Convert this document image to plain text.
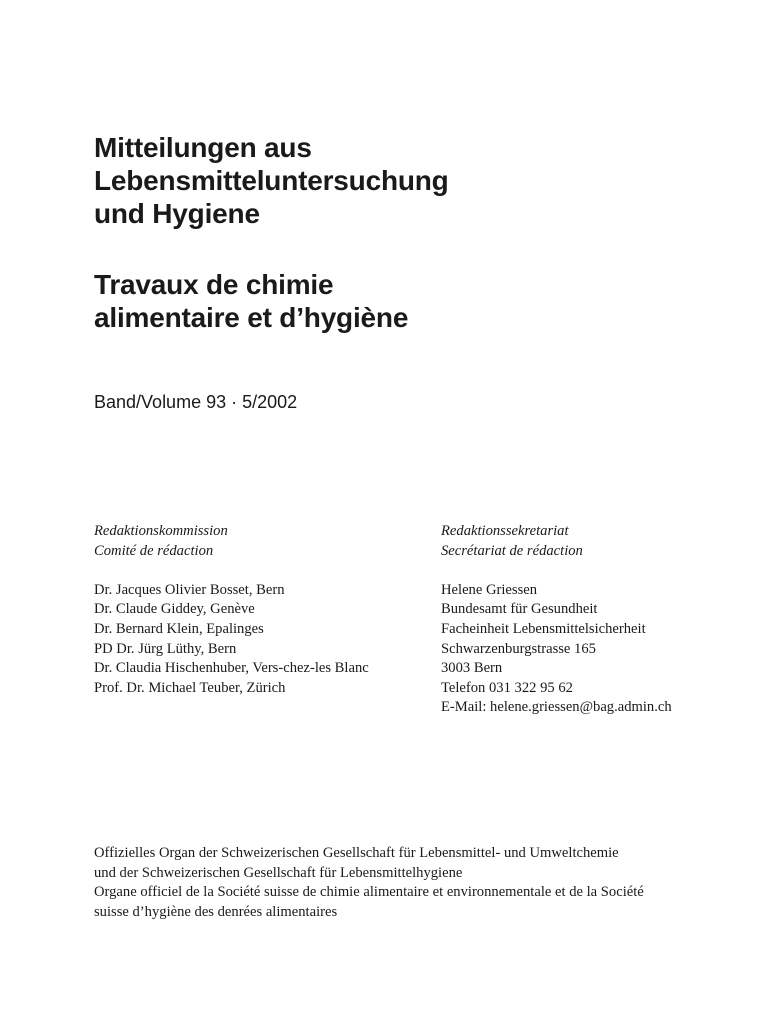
Mitteilungen aus
Lebensmitteluntersuchung
und Hygiene
Travaux de chimie
alimentaire et d’hygiène
Band/Volume 93 · 5/2002
Redaktionskommission
Comité de rédaction
Dr. Jacques Olivier Bosset, Bern
Dr. Claude Giddey, Genève
Dr. Bernard Klein, Epalinges
PD Dr. Jürg Lüthy, Bern
Dr. Claudia Hischenhuber, Vers-chez-les Blanc
Prof. Dr. Michael Teuber, Zürich
Redaktionssekretariat
Secrétariat de rédaction
Helene Griessen
Bundesamt für Gesundheit
Facheinheit Lebensmittelsicherheit
Schwarzenburgstrasse 165
3003 Bern
Telefon 031 322 95 62
E-Mail: helene.griessen@bag.admin.ch
Offizielles Organ der Schweizerischen Gesellschaft für Lebensmittel- und Umweltchemie
und der Schweizerischen Gesellschaft für Lebensmittelhygiene
Organe officiel de la Société suisse de chimie alimentaire et environnementale et de la Société
suisse d’hygiène des denrées alimentaires
